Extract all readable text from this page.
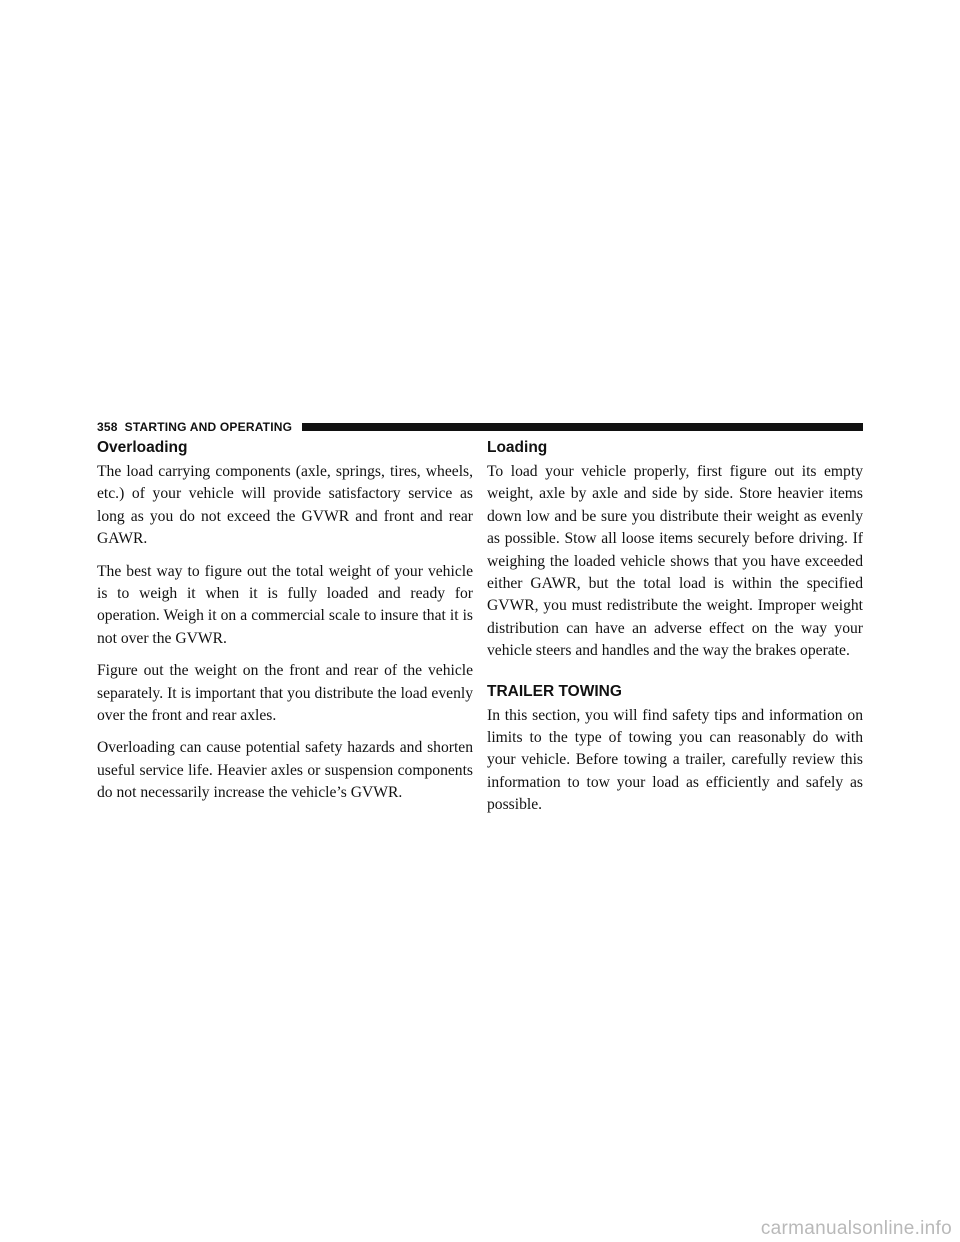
358 STARTING AND OPERATING
Overloading

The load carrying components (axle, springs, tires, wheels, etc.) of your vehicle will provide satisfactory service as long as you do not exceed the GVWR and front and rear GAWR.

The best way to figure out the total weight of your vehicle is to weigh it when it is fully loaded and ready for operation. Weigh it on a commercial scale to insure that it is not over the GVWR.

Figure out the weight on the front and rear of the vehicle separately. It is important that you distribute the load evenly over the front and rear axles.

Overloading can cause potential safety hazards and shorten useful service life. Heavier axles or suspension components do not necessarily increase the vehicle’s GVWR.

Loading

To load your vehicle properly, first figure out its empty weight, axle by axle and side by side. Store heavier items down low and be sure you distribute their weight as evenly as possible. Stow all loose items securely before driving. If weighing the loaded vehicle shows that you have exceeded either GAWR, but the total load is within the specified GVWR, you must redistribute the weight. Improper weight distribution can have an adverse effect on the way your vehicle steers and handles and the way the brakes operate.

TRAILER TOWING

In this section, you will find safety tips and information on limits to the type of towing you can reasonably do with your vehicle. Before towing a trailer, carefully review this information to tow your load as efficiently and safely as possible.

carmanualsonline.info
